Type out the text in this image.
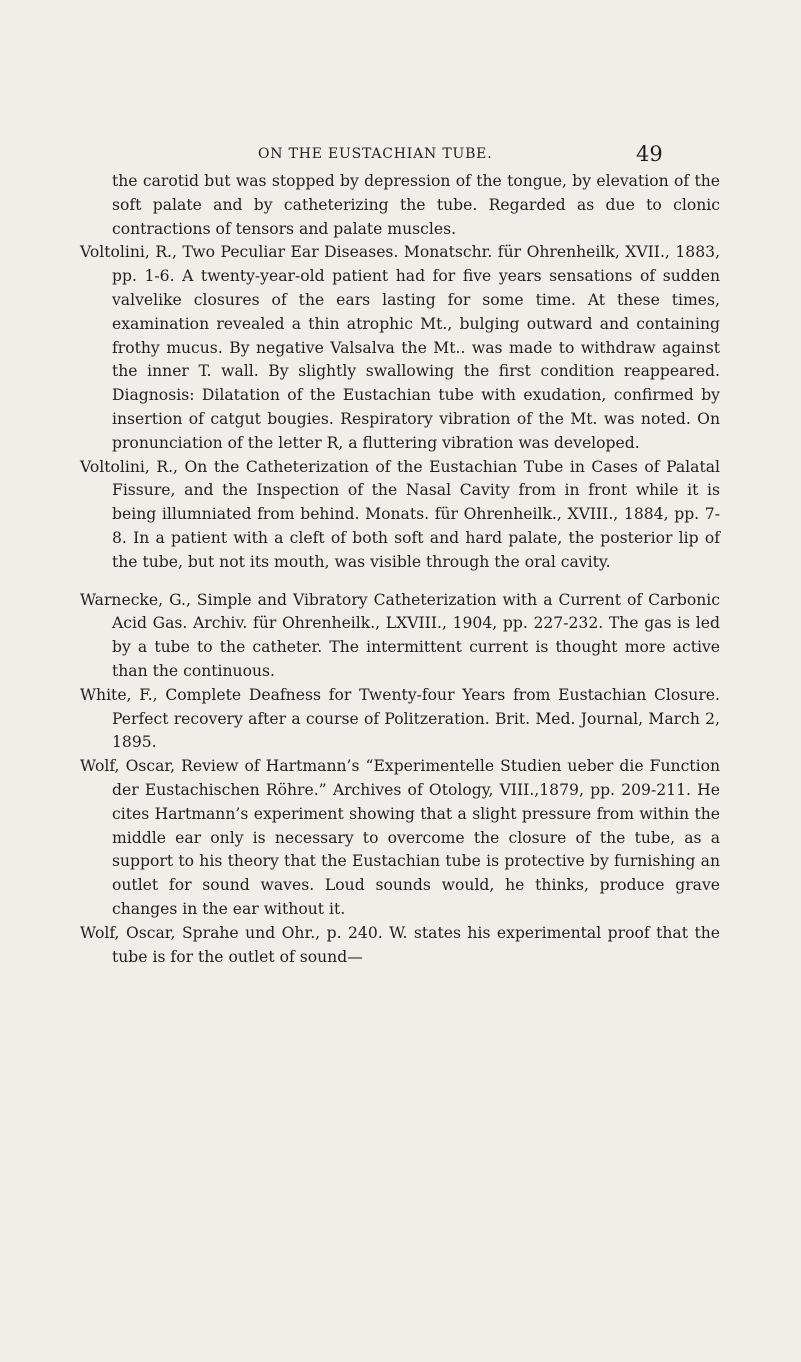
ON THE EUSTACHIAN TUBE.	49

the carotid but was stopped by depression of the tongue, by elevation of the soft palate and by catheterizing the tube. Regarded as due to clonic contractions of tensors and palate muscles.

Voltolini, R., Two Peculiar Ear Diseases. Monatschr. für Ohrenheilk, XVII., 1883, pp. 1-6. A twenty-year-old patient had for five years sensations of sudden valvelike closures of the ears lasting for some time. At these times, examination revealed a thin atrophic Mt., bulging outward and containing frothy mucus. By negative Valsalva the Mt.. was made to withdraw against the inner T. wall. By slightly swallowing the first condition reappeared. Diagnosis: Dilatation of the Eustachian tube with exudation, confirmed by insertion of catgut bougies. Respiratory vibration of the Mt. was noted. On pronunciation of the letter R, a fluttering vibration was developed.

Voltolini, R., On the Catheterization of the Eustachian Tube in Cases of Palatal Fissure, and the Inspection of the Nasal Cavity from in front while it is being illumniated from behind. Monats. für Ohrenheilk., XVIII., 1884, pp. 7-8. In a patient with a cleft of both soft and hard palate, the posterior lip of the tube, but not its mouth, was visible through the oral cavity.

Warnecke, G., Simple and Vibratory Catheterization with a Current of Carbonic Acid Gas. Archiv. für Ohrenheilk., LXVIII., 1904, pp. 227-232. The gas is led by a tube to the catheter. The intermittent current is thought more active than the continuous.

White, F., Complete Deafness for Twenty-four Years from Eustachian Closure. Perfect recovery after a course of Politzeration. Brit. Med. Journal, March 2, 1895.

Wolf, Oscar, Review of Hartmann’s “Experimentelle Studien ueber die Function der Eustachischen Röhre.” Archives of Otology, VIII.,1879, pp. 209-211. He cites Hartmann’s experiment showing that a slight pressure from within the middle ear only is necessary to overcome the closure of the tube, as a support to his theory that the Eustachian tube is protective by furnishing an outlet for sound waves. Loud sounds would, he thinks, produce grave changes in the ear without it.

Wolf, Oscar, Sprahe und Ohr., p. 240. W. states his experimental proof that the tube is for the outlet of sound—
